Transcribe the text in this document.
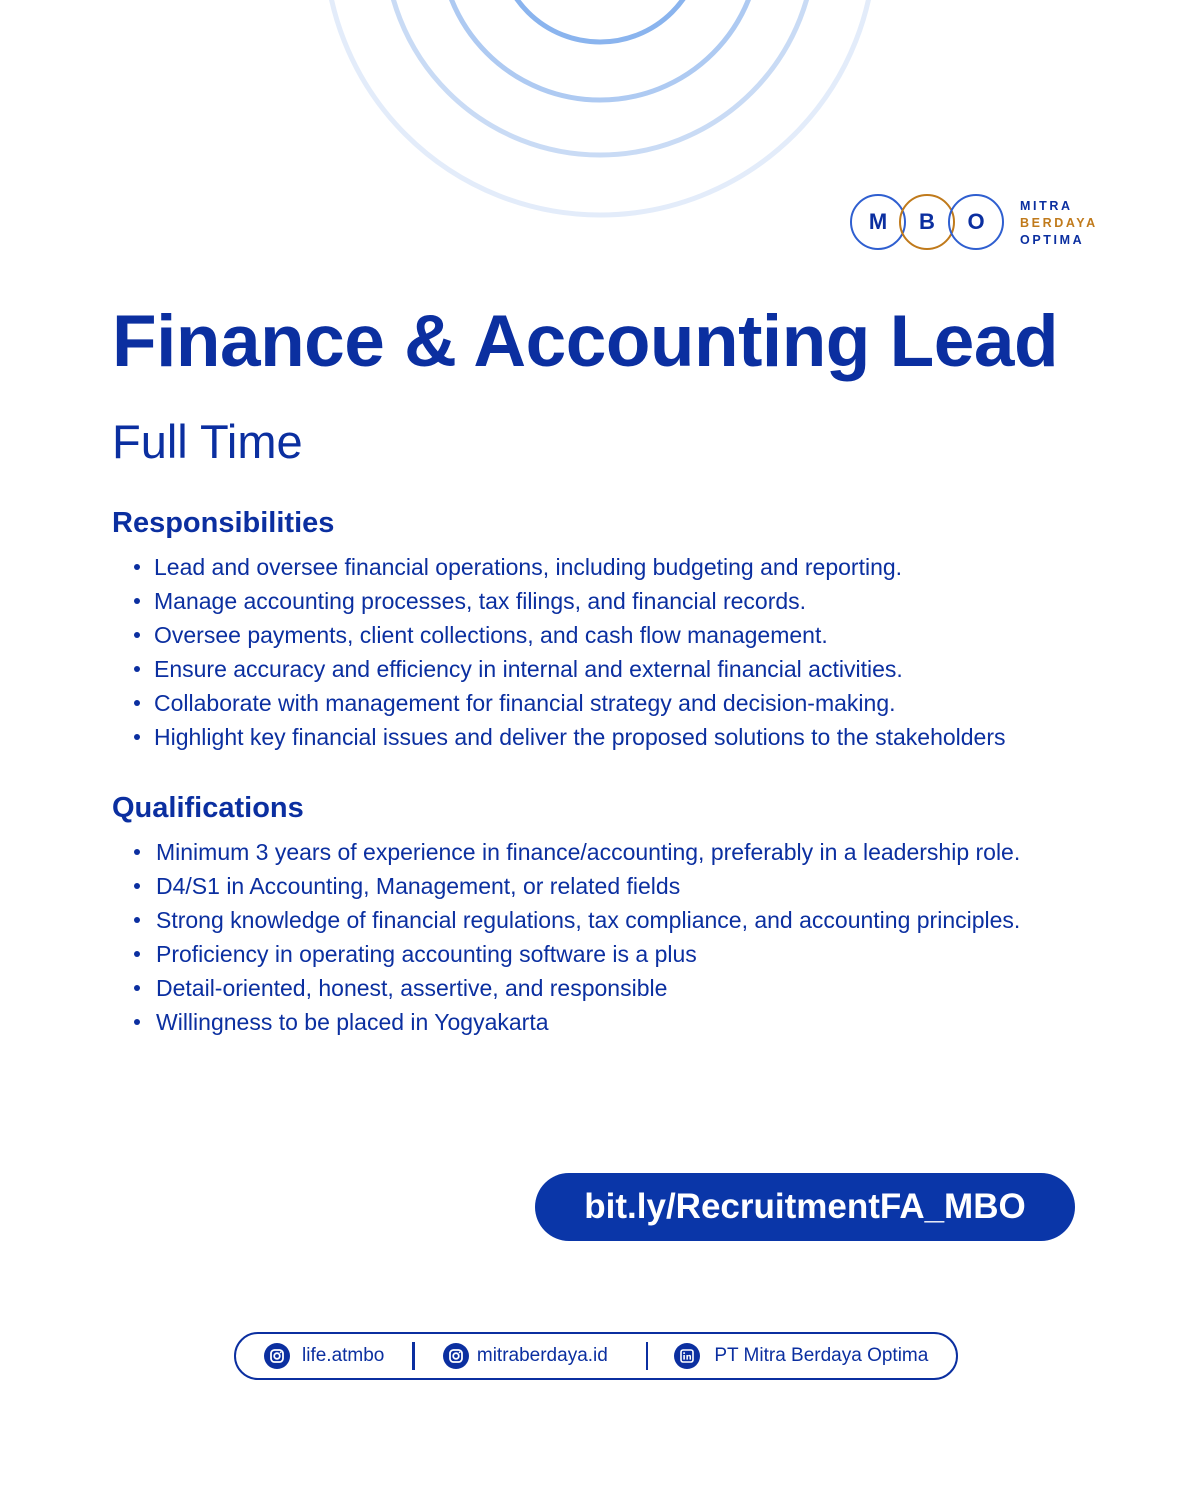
M	B	O
MITRA
BERDAYA
OPTIMA
Finance & Accounting Lead
Full Time
Responsibilities
Lead and oversee financial operations, including budgeting and reporting.
Manage accounting processes, tax filings, and financial records.
Oversee payments, client collections, and cash flow management.
Ensure accuracy and efficiency in internal and external financial activities.
Collaborate with management for financial strategy and decision-making.
Highlight key financial issues and deliver the proposed solutions to the stakeholders
Qualifications
Minimum 3 years of experience in finance/accounting, preferably in a leadership role.
D4/S1 in Accounting, Management, or related fields
Strong knowledge of financial regulations, tax compliance, and accounting principles.
Proficiency in operating accounting software is a plus
Detail-oriented, honest, assertive, and responsible
Willingness to be placed in Yogyakarta
bit.ly/RecruitmentFA_MBO
life.atmbo	mitraberdaya.id	PT Mitra Berdaya Optima
